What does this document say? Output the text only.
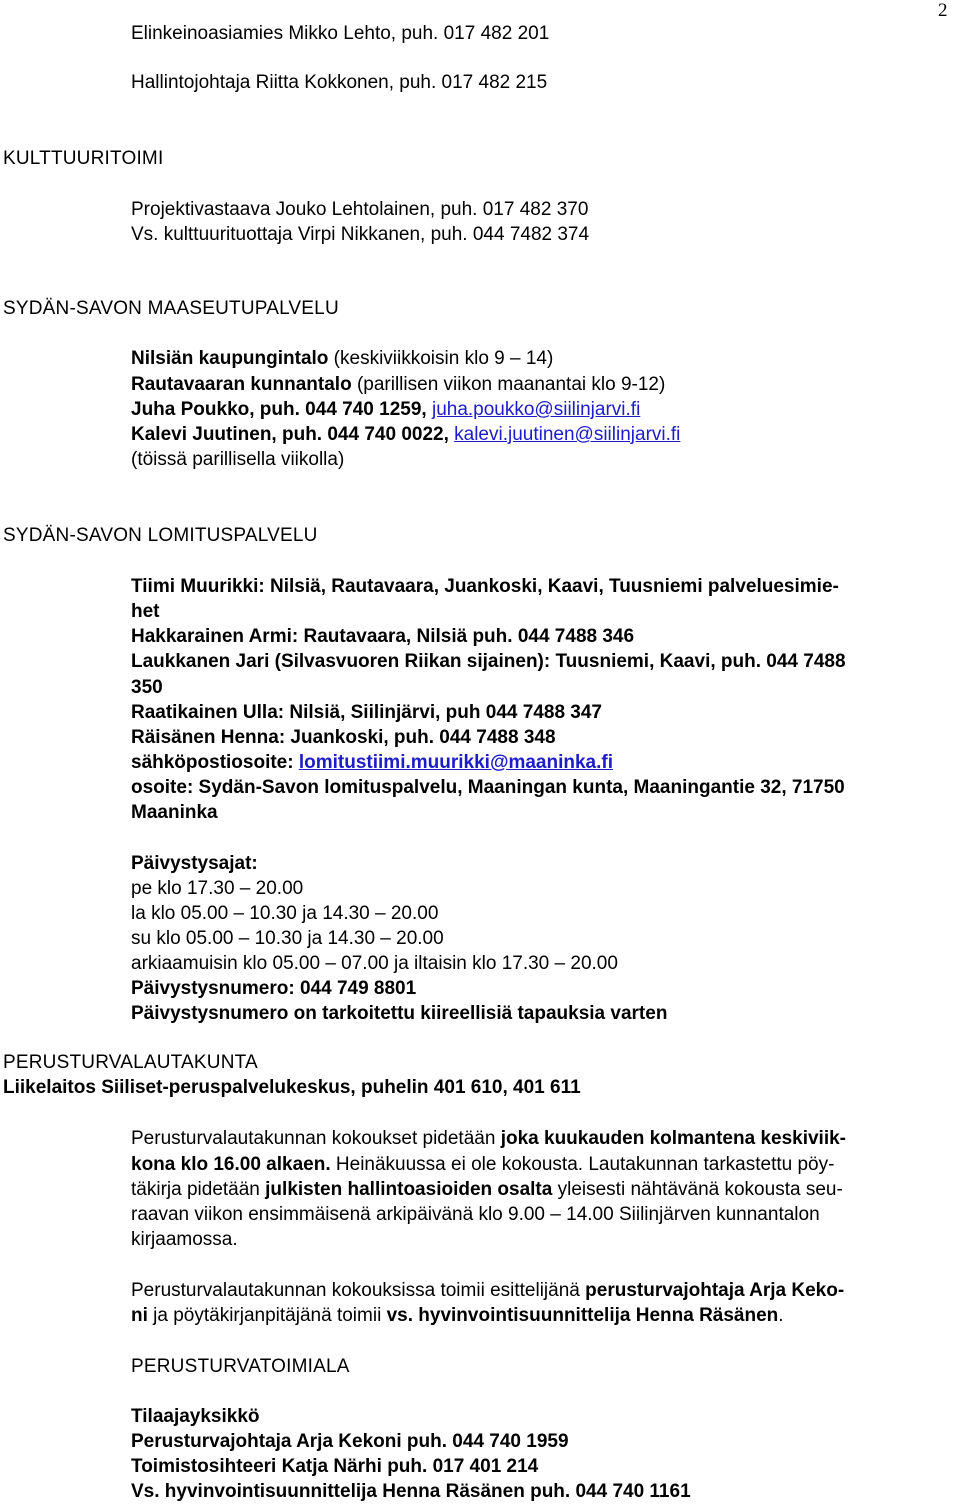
2
Elinkeinoasiamies Mikko Lehto, puh. 017 482 201
Hallintojohtaja Riitta Kokkonen, puh. 017 482 215
KULTTUURITOIMI
Projektivastaava Jouko Lehtolainen, puh. 017 482 370
Vs. kulttuurituottaja Virpi Nikkanen, puh. 044 7482 374
SYDÄN-SAVON MAASEUTUPALVELU
Nilsiän kaupungintalo (keskiviikkoisin klo 9 – 14)
Rautavaaran kunnantalo (parillisen viikon maanantai klo 9-12)
Juha Poukko, puh. 044 740 1259, juha.poukko@siilinjarvi.fi
Kalevi Juutinen, puh. 044 740 0022, kalevi.juutinen@siilinjarvi.fi
(töissä parillisella viikolla)
SYDÄN-SAVON LOMITUSPALVELU
Tiimi Muurikki: Nilsiä, Rautavaara, Juankoski, Kaavi, Tuusniemi palveluesimie-
het
Hakkarainen Armi: Rautavaara, Nilsiä puh. 044 7488 346
Laukkanen Jari (Silvasvuoren Riikan sijainen): Tuusniemi, Kaavi, puh. 044 7488
350
Raatikainen Ulla: Nilsiä, Siilinjärvi, puh 044 7488 347
Räisänen Henna: Juankoski, puh. 044 7488 348
sähköpostiosoite: lomitustiimi.muurikki@maaninka.fi
osoite: Sydän-Savon lomituspalvelu, Maaningan kunta, Maaningantie 32, 71750
Maaninka
Päivystysajat:
pe klo 17.30 – 20.00
la klo 05.00 – 10.30 ja 14.30 – 20.00
su klo 05.00 – 10.30 ja 14.30 – 20.00
arkiaamuisin klo 05.00 – 07.00 ja iltaisin klo 17.30 – 20.00
Päivystysnumero: 044 749 8801
Päivystysnumero on tarkoitettu kiireellisiä tapauksia varten
PERUSTURVALAUTAKUNTA
Liikelaitos Siiliset-peruspalvelukeskus, puhelin 401 610, 401 611
Perusturvalautakunnan kokoukset pidetään joka kuukauden kolmantena keskiviik-
kona klo 16.00 alkaen. Heinäkuussa ei ole kokousta. Lautakunnan tarkastettu pöy-
täkirja pidetään julkisten hallintoasioiden osalta yleisesti nähtävänä kokousta seu-
raavan viikon ensimmäisenä arkipäivänä klo 9.00 – 14.00 Siilinjärven kunnantalon
kirjaamossa.
Perusturvalautakunnan kokouksissa toimii esittelijänä perusturvajohtaja Arja Keko-
ni ja pöytäkirjanpitäjänä toimii vs. hyvinvointisuunnittelija Henna Räsänen.
PERUSTURVATOIMIALA
Tilaajayksikkö
Perusturvajohtaja Arja Kekoni puh. 044 740 1959
Toimistosihteeri Katja Närhi puh. 017 401 214
Vs. hyvinvointisuunnittelija Henna Räsänen puh. 044 740 1161
